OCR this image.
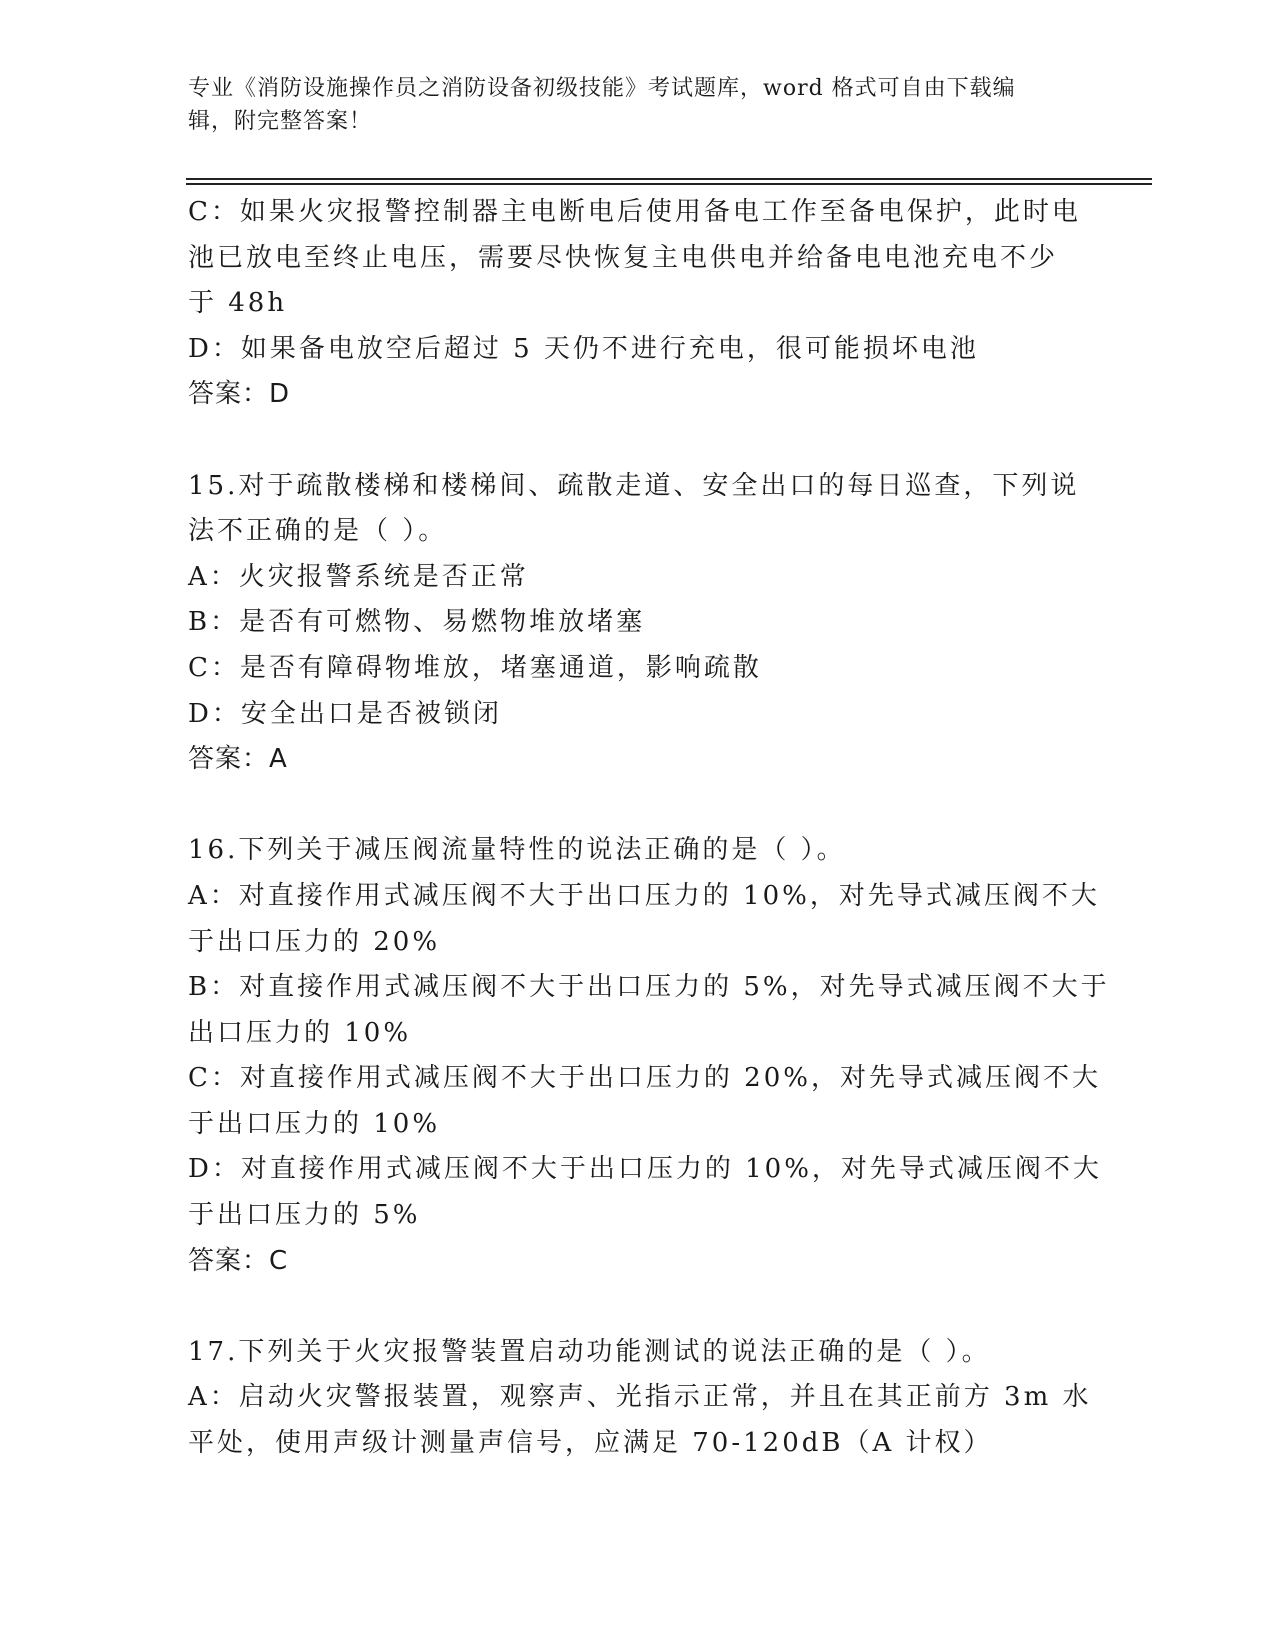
专业《消防设施操作员之消防设备初级技能》考试题库，word 格式可自由下载编
辑，附完整答案！
C：如果火灾报警控制器主电断电后使用备电工作至备电保护，此时电
池已放电至终止电压，需要尽快恢复主电供电并给备电电池充电不少
于 48h
D：如果备电放空后超过 5 天仍不进行充电，很可能损坏电池
答案：D
15.对于疏散楼梯和楼梯间、疏散走道、安全出口的每日巡查，下列说
法不正确的是（ ）。
A：火灾报警系统是否正常
B：是否有可燃物、易燃物堆放堵塞
C：是否有障碍物堆放，堵塞通道，影响疏散
D：安全出口是否被锁闭
答案：A
16.下列关于减压阀流量特性的说法正确的是（ ）。
A：对直接作用式减压阀不大于出口压力的 10%，对先导式减压阀不大
于出口压力的 20%
B：对直接作用式减压阀不大于出口压力的 5%，对先导式减压阀不大于
出口压力的 10%
C：对直接作用式减压阀不大于出口压力的 20%，对先导式减压阀不大
于出口压力的 10%
D：对直接作用式减压阀不大于出口压力的 10%，对先导式减压阀不大
于出口压力的 5%
答案：C
17.下列关于火灾报警装置启动功能测试的说法正确的是（ ）。
A：启动火灾警报装置，观察声、光指示正常，并且在其正前方 3m 水
平处，使用声级计测量声信号，应满足 70-120dB（A 计权）
